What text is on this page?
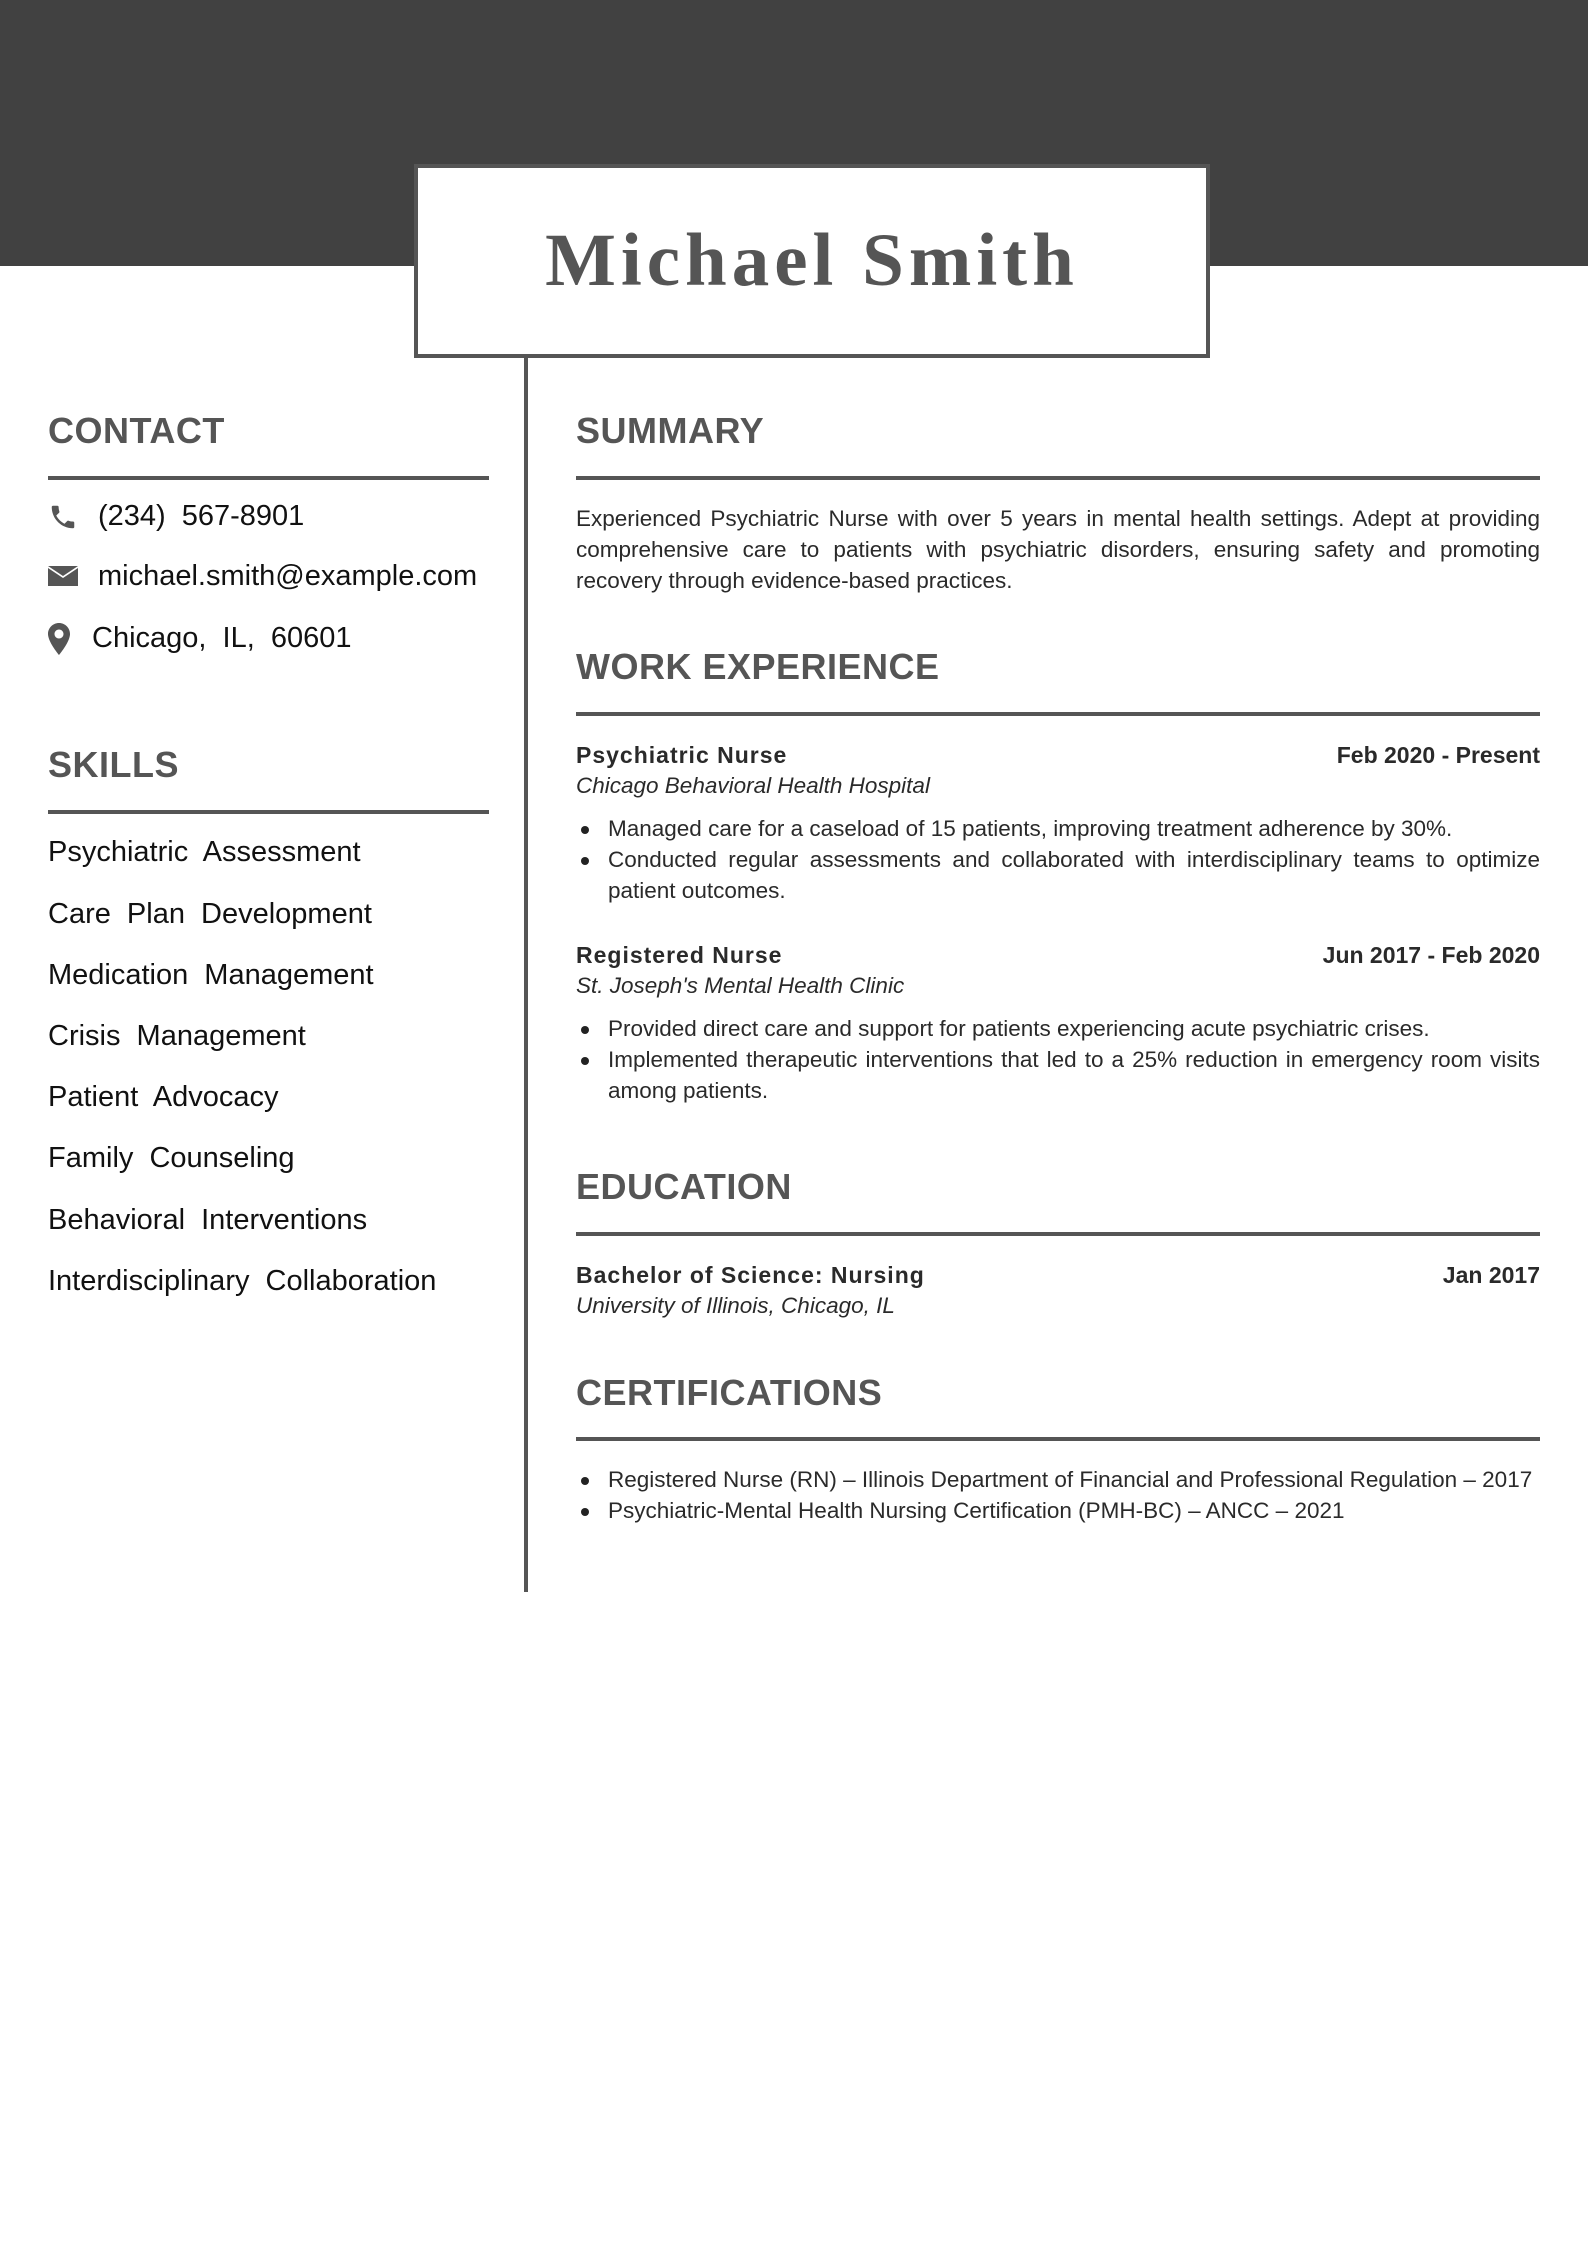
Michael Smith
CONTACT
(234) 567-8901
michael.smith@example.com
Chicago, IL, 60601
SKILLS
Psychiatric Assessment
Care Plan Development
Medication Management
Crisis Management
Patient Advocacy
Family Counseling
Behavioral Interventions
Interdisciplinary Collaboration
SUMMARY
Experienced Psychiatric Nurse with over 5 years in mental health settings. Adept at providing comprehensive care to patients with psychiatric disorders, ensuring safety and promoting recovery through evidence-based practices.
WORK EXPERIENCE
Psychiatric Nurse	Feb 2020 - Present
Chicago Behavioral Health Hospital
Managed care for a caseload of 15 patients, improving treatment adherence by 30%.
Conducted regular assessments and collaborated with interdisciplinary teams to optimize patient outcomes.
Registered Nurse	Jun 2017 - Feb 2020
St. Joseph's Mental Health Clinic
Provided direct care and support for patients experiencing acute psychiatric crises.
Implemented therapeutic interventions that led to a 25% reduction in emergency room visits among patients.
EDUCATION
Bachelor of Science: Nursing	Jan 2017
University of Illinois, Chicago, IL
CERTIFICATIONS
Registered Nurse (RN) – Illinois Department of Financial and Professional Regulation – 2017
Psychiatric-Mental Health Nursing Certification (PMH-BC) – ANCC – 2021
